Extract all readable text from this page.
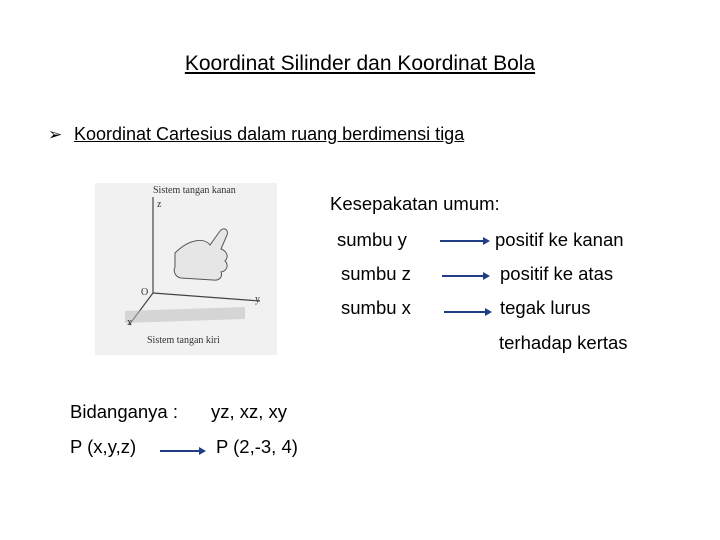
Koordinat Silinder dan Koordinat Bola
➢ Koordinat Cartesius dalam ruang berdimensi tiga
Sistem tangan kanan
z
O
y
x
Sistem tangan kiri
Kesepakatan umum:
sumbu y	positif ke kanan
sumbu z	positif ke atas
sumbu x	tegak lurus
terhadap kertas
Bidanganya : yz, xz, xy
P (x,y,z)	P (2,-3, 4)
